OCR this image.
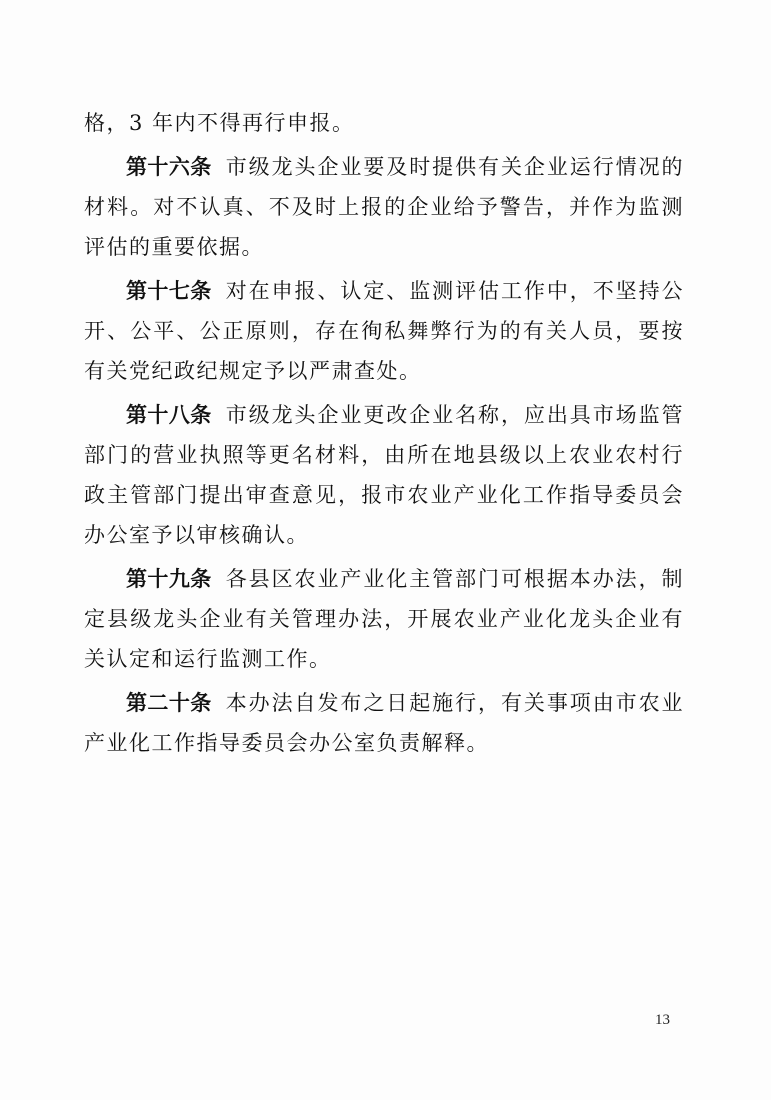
格，3 年内不得再行申报。

第十六条 市级龙头企业要及时提供有关企业运行情况的材料。对不认真、不及时上报的企业给予警告，并作为监测评估的重要依据。

第十七条 对在申报、认定、监测评估工作中，不坚持公开、公平、公正原则，存在徇私舞弊行为的有关人员，要按有关党纪政纪规定予以严肃查处。

第十八条 市级龙头企业更改企业名称，应出具市场监管部门的营业执照等更名材料，由所在地县级以上农业农村行政主管部门提出审查意见，报市农业产业化工作指导委员会办公室予以审核确认。

第十九条 各县区农业产业化主管部门可根据本办法，制定县级龙头企业有关管理办法，开展农业产业化龙头企业有关认定和运行监测工作。

第二十条 本办法自发布之日起施行，有关事项由市农业产业化工作指导委员会办公室负责解释。

13
